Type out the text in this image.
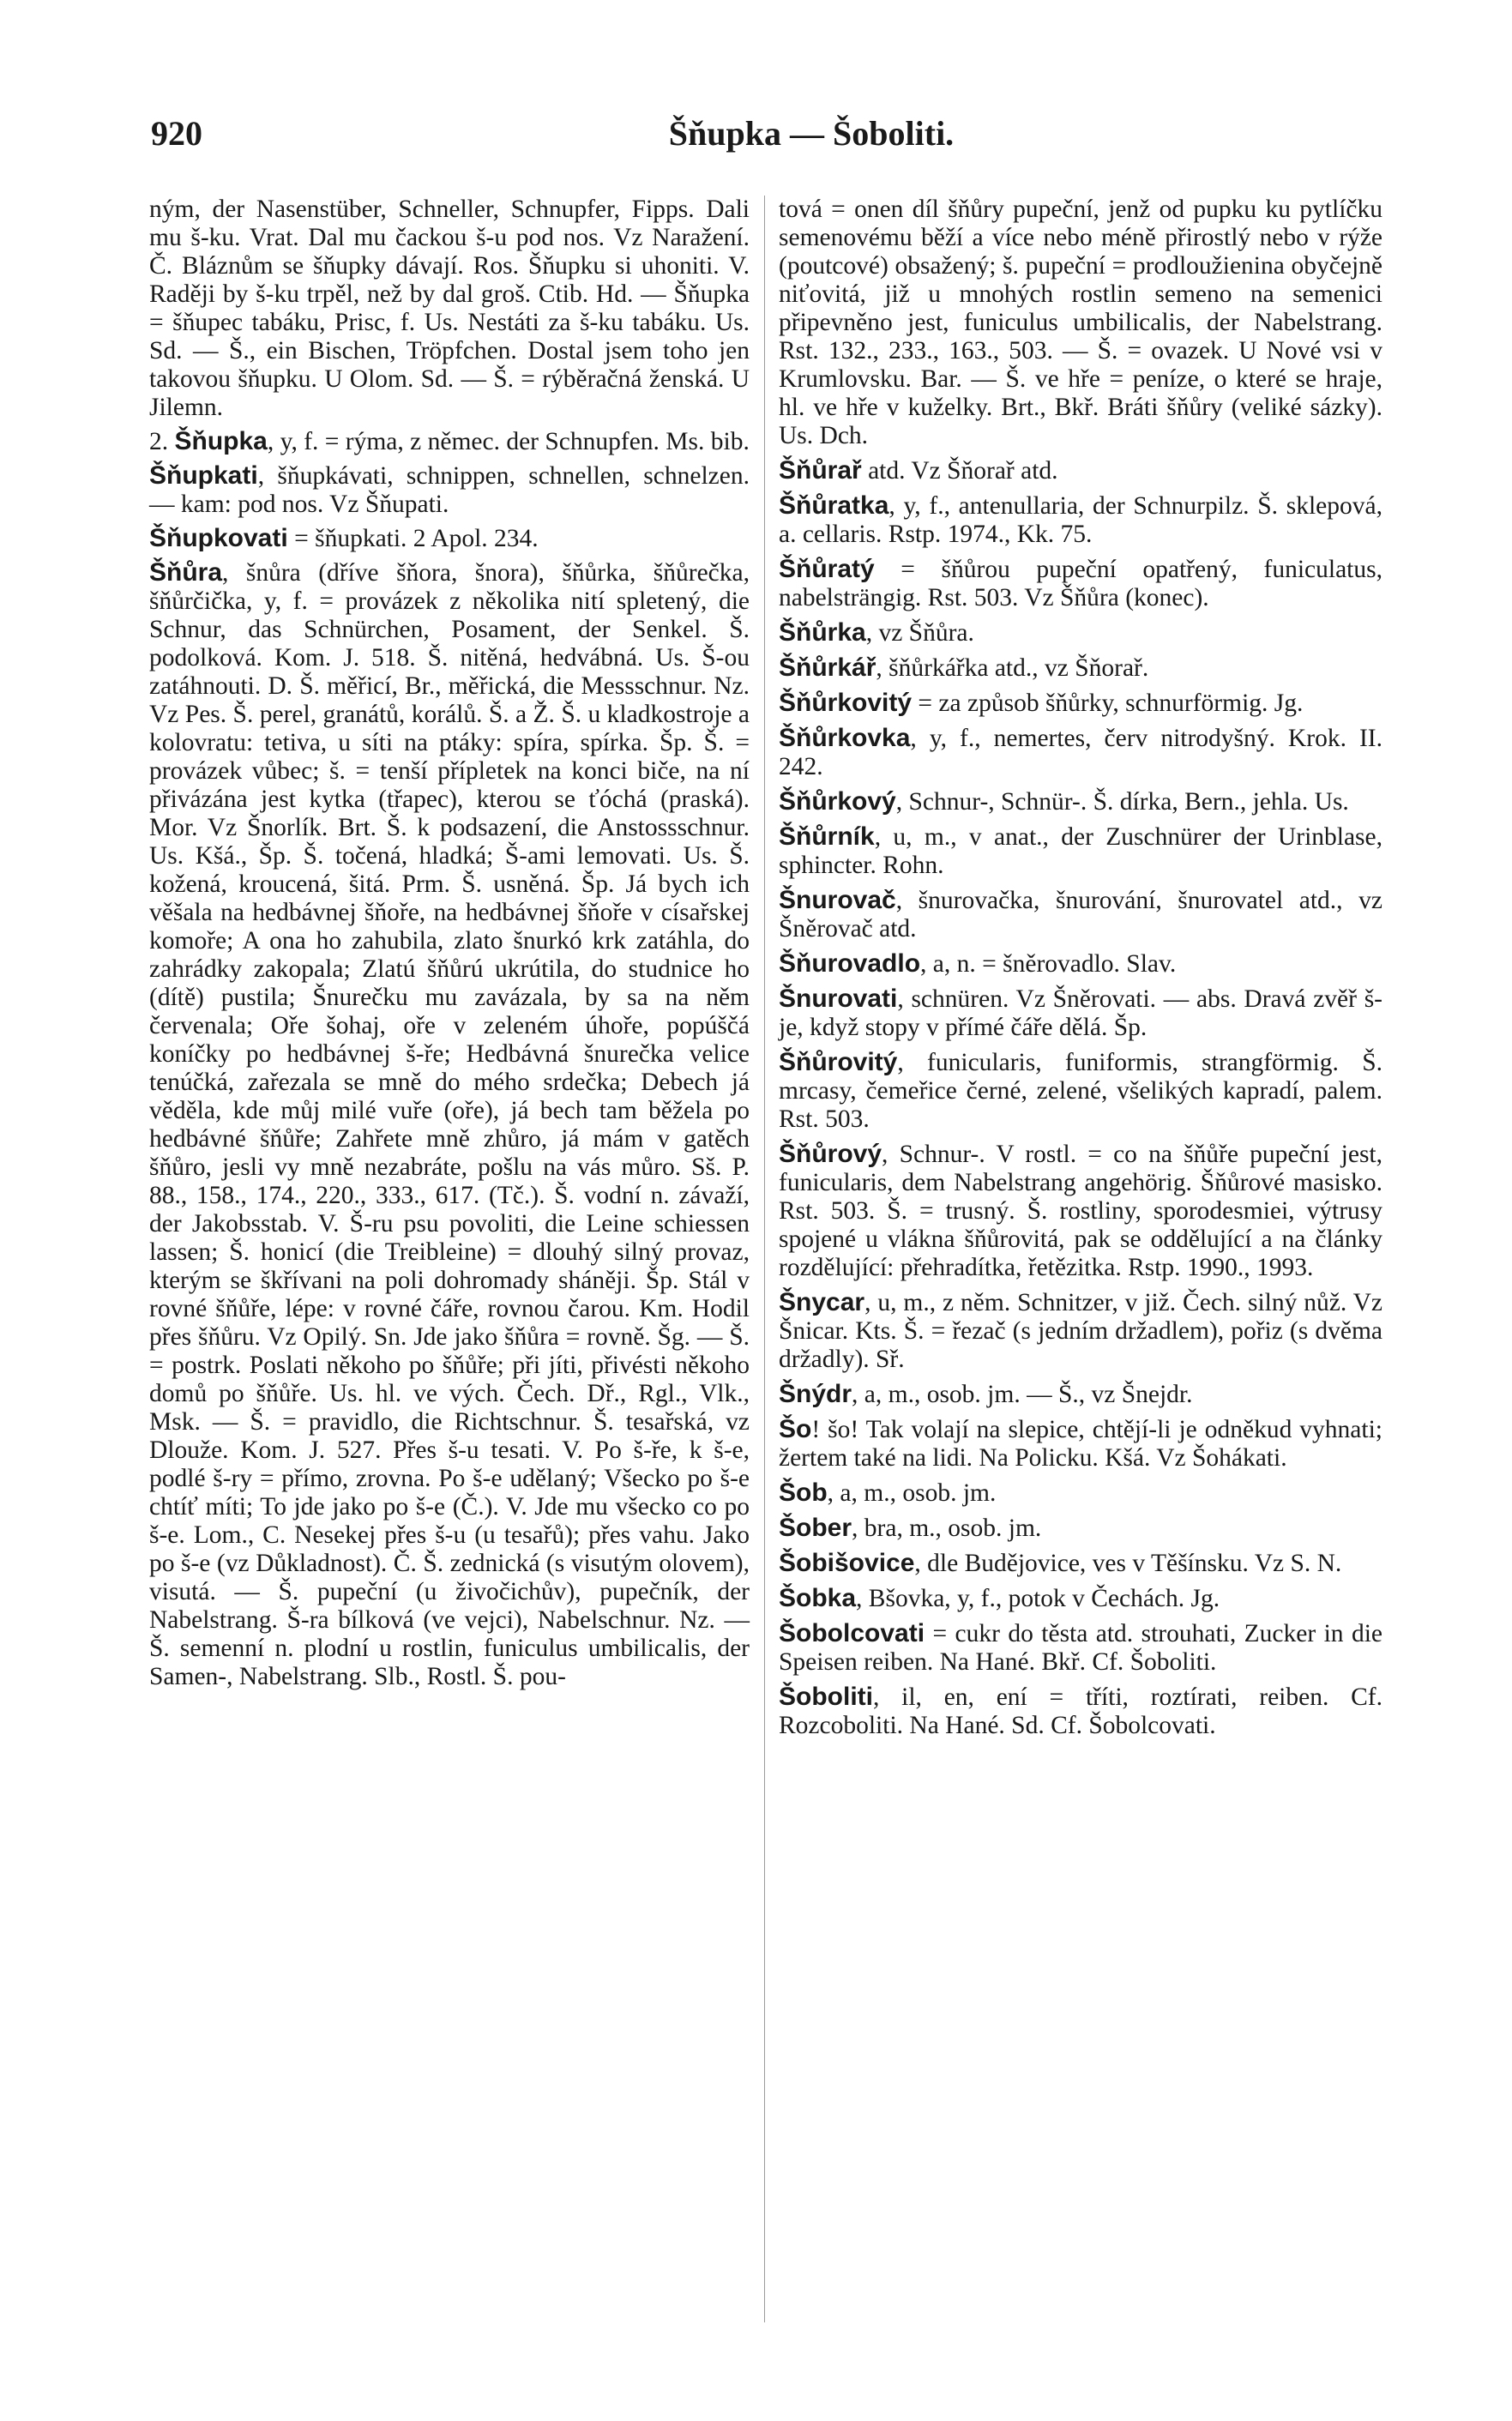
920	Šňupka — Šoboliti.

ným, der Nasenstüber, Schneller, Schnupfer, Fipps. Dali mu š-ku. Vrat. Dal mu čackou š-u pod nos. Vz Naražení. Č. Bláznům se šňupky dávají. Ros. Šňupku si uhoniti. V. Raději by š-ku trpěl, než by dal groš. Ctib. Hd. — Šňupka = šňupec tabáku, Prisc, f. Us. Nestáti za š-ku tabáku. Us. Sd. — Š., ein Bischen, Tröpfchen. Dostal jsem toho jen takovou šňupku. U Olom. Sd. — Š. = rýběračná ženská. U Jilemn.

2. Šňupka, y, f. = rýma, z němec. der Schnupfen. Ms. bib.

Šňupkati, šňupkávati, schnippen, schnellen, schnelzen. — kam: pod nos. Vz Šňupati.

Šňupkovati = šňupkati. 2 Apol. 234.

Šňůra, šnůra (dříve šňora, šnora), šňůrka, šňůrečka, šňůrčička, y, f. = provázek z několika nití spletený, die Schnur, das Schnürchen, Posament, der Senkel. Š. podolková. Kom. J. 518. Š. nitěná, hedvábná. Us. Š-ou zatáhnouti. D. Š. měřicí, Br., měřická, die Messschnur. Nz. Vz Pes. Š. perel, granátů, korálů. Š. a Ž. Š. u kladkostroje a kolovratu: tetiva, u síti na ptáky: spíra, spírka. Šp. Š. = provázek vůbec; š. = tenší přípletek na konci biče, na ní přivázána jest kytka (třapec), kterou se ťóchá (praská). Mor. Vz Šnorlík. Brt. Š. k podsazení, die Anstossschnur. Us. Kšá., Šp. Š. točená, hladká; Š-ami lemovati. Us. Š. kožená, kroucená, šitá. Prm. Š. usněná. Šp. Já bych ich věšala na hedbávnej šňoře, na hedbávnej šňoře v císařskej komoře; A ona ho zahubila, zlato šnurkó krk zatáhla, do zahrádky zakopala; Zlatú šňůrú ukrútila, do studnice ho (dítě) pustila; Šnurečku mu zavázala, by sa na něm červenala; Oře šohaj, oře v zeleném úhoře, popúščá koníčky po hedbávnej š-ře; Hedbávná šnurečka velice tenúčká, zařezala se mně do mého srdečka; Debech já věděla, kde můj milé vuře (oře), já bech tam běžela po hedbávné šňůře; Zahřete mně zhůro, já mám v gatěch šňůro, jesli vy mně nezabráte, pošlu na vás můro. Sš. P. 88., 158., 174., 220., 333., 617. (Tč.). Š. vodní n. závaží, der Jakobsstab. V. Š-ru psu povoliti, die Leine schiessen lassen; Š. honicí (die Treibleine) = dlouhý silný provaz, kterým se škřívani na poli dohromady sháněji. Šp. Stál v rovné šňůře, lépe: v rovné čáře, rovnou čarou. Km. Hodil přes šňůru. Vz Opilý. Sn. Jde jako šňůra = rovně. Šg. — Š. = postrk. Poslati někoho po šňůře; při jíti, přivésti někoho domů po šňůře. Us. hl. ve vých. Čech. Dř., Rgl., Vlk., Msk. — Š. = pravidlo, die Richtschnur. Š. tesařská, vz Dlouže. Kom. J. 527. Přes š-u tesati. V. Po š-ře, k š-e, podlé š-ry = přímo, zrovna. Po š-e udělaný; Všecko po š-e chtíť míti; To jde jako po š-e (Č.). V. Jde mu všecko co po š-e. Lom., C. Nesekej přes š-u (u tesařů); přes vahu. Jako po š-e (vz Důkladnost). Č. Š. zednická (s visutým olovem), visutá. — Š. pupeční (u živočichův), pupečník, der Nabelstrang. Š-ra bílková (ve vejci), Nabelschnur. Nz. — Š. semenní n. plodní u rostlin, funiculus umbilicalis, der Samen-, Nabelstrang. Slb., Rostl. Š. pou-

tová = onen díl šňůry pupeční, jenž od pupku ku pytlíčku semenovému běží a více nebo méně přirostlý nebo v rýže (poutcové) obsažený; š. pupeční = prodloužienina obyčejně niťovitá, již u mnohých rostlin semeno na semenici připevněno jest, funiculus umbilicalis, der Nabelstrang. Rst. 132., 233., 163., 503. — Š. = ovazek. U Nové vsi v Krumlovsku. Bar. — Š. ve hře = peníze, o které se hraje, hl. ve hře v kuželky. Brt., Bkř. Bráti šňůry (veliké sázky). Us. Dch.

Šňůrař atd. Vz Šňorař atd.

Šňůratka, y, f., antenullaria, der Schnurpilz. Š. sklepová, a. cellaris. Rstp. 1974., Kk. 75.

Šňůratý = šňůrou pupeční opatřený, funiculatus, nabelsträngig. Rst. 503. Vz Šňůra (konec).

Šňůrka, vz Šňůra.

Šňůrkář, šňůrkářka atd., vz Šňorař.

Šňůrkovitý = za způsob šňůrky, schnurförmig. Jg.

Šňůrkovka, y, f., nemertes, červ nitrodyšný. Krok. II. 242.

Šňůrkový, Schnur-, Schnür-. Š. dírka, Bern., jehla. Us.

Šňůrník, u, m., v anat., der Zuschnürer der Urinblase, sphincter. Rohn.

Šnurovač, šnurovačka, šnurování, šnurovatel atd., vz Šněrovač atd.

Šňurovadlo, a, n. = šněrovadlo. Slav.

Šnurovati, schnüren. Vz Šněrovati. — abs. Dravá zvěř š-je, když stopy v přímé čáře dělá. Šp.

Šňůrovitý, funicularis, funiformis, strangförmig. Š. mrcasy, čemeřice černé, zelené, všelikých kapradí, palem. Rst. 503.

Šňůrový, Schnur-. V rostl. = co na šňůře pupeční jest, funicularis, dem Nabelstrang angehörig. Šňůrové masisko. Rst. 503. Š. = trusný. Š. rostliny, sporodesmiei, výtrusy spojené u vlákna šňůrovitá, pak se oddělující a na články rozdělující: přehradítka, řetězitka. Rstp. 1990., 1993.

Šnycar, u, m., z něm. Schnitzer, v již. Čech. silný nůž. Vz Šnicar. Kts. Š. = řezač (s jedním držadlem), pořiz (s dvěma držadly). Sř.

Šnýdr, a, m., osob. jm. — Š., vz Šnejdr.

Šo! šo! Tak volají na slepice, chtějí-li je odněkud vyhnati; žertem také na lidi. Na Policku. Kšá. Vz Šohákati.

Šob, a, m., osob. jm.

Šober, bra, m., osob. jm.

Šobišovice, dle Budějovice, ves v Těšínsku. Vz S. N.

Šobka, Bšovka, y, f., potok v Čechách. Jg.

Šobolcovati = cukr do těsta atd. strouhati, Zucker in die Speisen reiben. Na Hané. Bkř. Cf. Šoboliti.

Šoboliti, il, en, ení = tříti, roztírati, reiben. Cf. Rozcoboliti. Na Hané. Sd. Cf. Šobolcovati.
